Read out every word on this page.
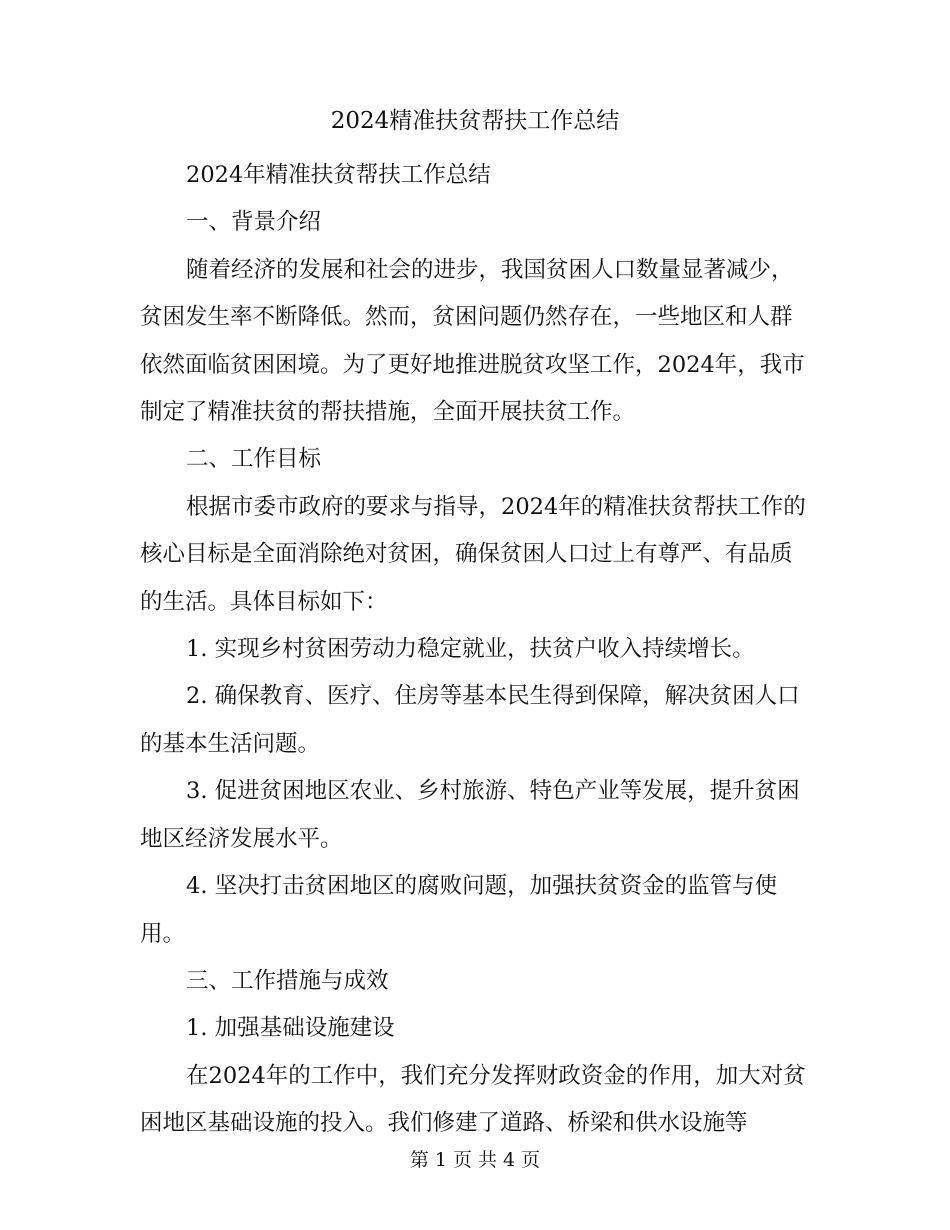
2024精准扶贫帮扶工作总结

2024年精准扶贫帮扶工作总结

一、背景介绍

随着经济的发展和社会的进步，我国贫困人口数量显著减少，贫困发生率不断降低。然而，贫困问题仍然存在，一些地区和人群依然面临贫困困境。为了更好地推进脱贫攻坚工作，2024年，我市制定了精准扶贫的帮扶措施，全面开展扶贫工作。

二、工作目标

根据市委市政府的要求与指导，2024年的精准扶贫帮扶工作的核心目标是全面消除绝对贫困，确保贫困人口过上有尊严、有品质的生活。具体目标如下：

1. 实现乡村贫困劳动力稳定就业，扶贫户收入持续增长。

2. 确保教育、医疗、住房等基本民生得到保障，解决贫困人口的基本生活问题。

3. 促进贫困地区农业、乡村旅游、特色产业等发展，提升贫困地区经济发展水平。

4. 坚决打击贫困地区的腐败问题，加强扶贫资金的监管与使用。

三、工作措施与成效

1. 加强基础设施建设

在2024年的工作中，我们充分发挥财政资金的作用，加大对贫困地区基础设施的投入。我们修建了道路、桥梁和供水设施等

第 1 页 共 4 页
